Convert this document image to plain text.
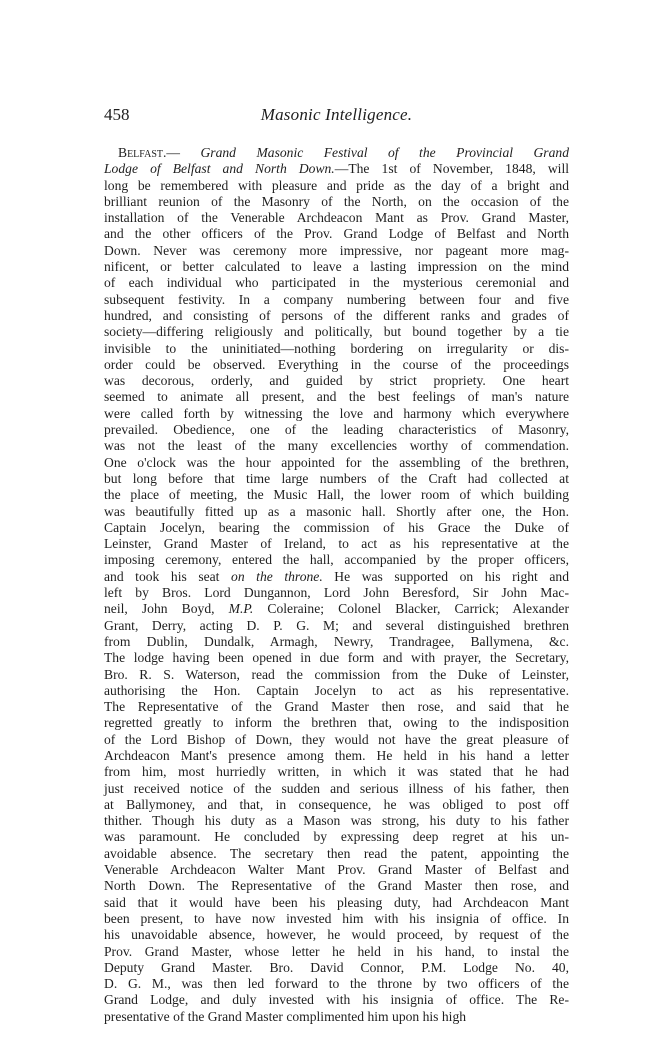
458	Masonic Intelligence.
Belfast.— Grand Masonic Festival of the Provincial Grand
Lodge of Belfast and North Down.—The 1st of November, 1848, will
long be remembered with pleasure and pride as the day of a bright and
brilliant reunion of the Masonry of the North, on the occasion of the
installation of the Venerable Archdeacon Mant as Prov. Grand Master,
and the other officers of the Prov. Grand Lodge of Belfast and North
Down. Never was ceremony more impressive, nor pageant more mag-
nificent, or better calculated to leave a lasting impression on the mind
of each individual who participated in the mysterious ceremonial and
subsequent festivity. In a company numbering between four and five
hundred, and consisting of persons of the different ranks and grades of
society—differing religiously and politically, but bound together by a tie
invisible to the uninitiated—nothing bordering on irregularity or dis-
order could be observed. Everything in the course of the proceedings
was decorous, orderly, and guided by strict propriety. One heart
seemed to animate all present, and the best feelings of man's nature
were called forth by witnessing the love and harmony which everywhere
prevailed. Obedience, one of the leading characteristics of Masonry,
was not the least of the many excellencies worthy of commendation.
One o'clock was the hour appointed for the assembling of the brethren,
but long before that time large numbers of the Craft had collected at
the place of meeting, the Music Hall, the lower room of which building
was beautifully fitted up as a masonic hall. Shortly after one, the Hon.
Captain Jocelyn, bearing the commission of his Grace the Duke of
Leinster, Grand Master of Ireland, to act as his representative at the
imposing ceremony, entered the hall, accompanied by the proper officers,
and took his seat on the throne. He was supported on his right and
left by Bros. Lord Dungannon, Lord John Beresford, Sir John Mac-
neil, John Boyd, M.P. Coleraine; Colonel Blacker, Carrick; Alexander
Grant, Derry, acting D. P. G. M; and several distinguished brethren
from Dublin, Dundalk, Armagh, Newry, Trandragee, Ballymena, &c.
The lodge having been opened in due form and with prayer, the Secretary,
Bro. R. S. Waterson, read the commission from the Duke of Leinster,
authorising the Hon. Captain Jocelyn to act as his representative.
The Representative of the Grand Master then rose, and said that he
regretted greatly to inform the brethren that, owing to the indisposition
of the Lord Bishop of Down, they would not have the great pleasure of
Archdeacon Mant's presence among them. He held in his hand a letter
from him, most hurriedly written, in which it was stated that he had
just received notice of the sudden and serious illness of his father, then
at Ballymoney, and that, in consequence, he was obliged to post off
thither. Though his duty as a Mason was strong, his duty to his father
was paramount. He concluded by expressing deep regret at his un-
avoidable absence. The secretary then read the patent, appointing the
Venerable Archdeacon Walter Mant Prov. Grand Master of Belfast and
North Down. The Representative of the Grand Master then rose, and
said that it would have been his pleasing duty, had Archdeacon Mant
been present, to have now invested him with his insignia of office. In
his unavoidable absence, however, he would proceed, by request of the
Prov. Grand Master, whose letter he held in his hand, to instal the
Deputy Grand Master. Bro. David Connor, P.M. Lodge No. 40,
D. G. M., was then led forward to the throne by two officers of the
Grand Lodge, and duly invested with his insignia of office. The Re-
presentative of the Grand Master complimented him upon his high
